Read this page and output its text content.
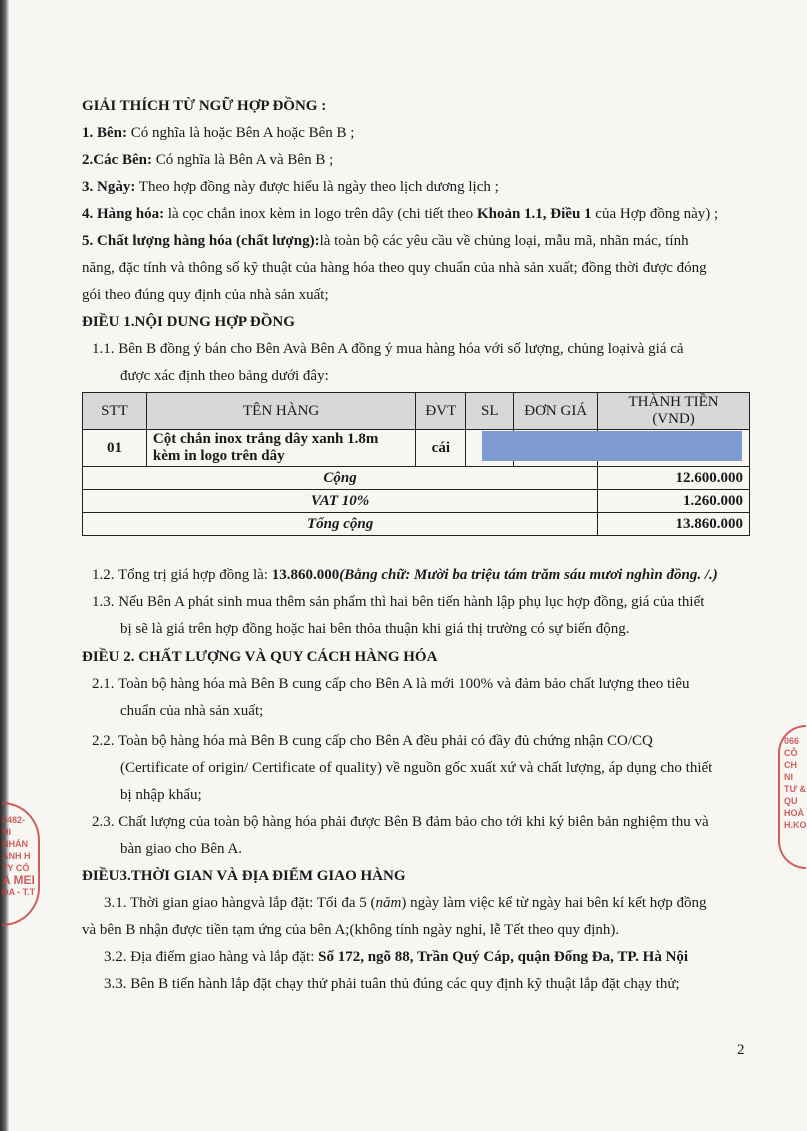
GIẢI THÍCH TỪ NGỮ HỢP ĐỒNG :
1. Bên: Có nghĩa là hoặc Bên A hoặc Bên B ;
2.Các Bên: Có nghĩa là Bên A và Bên B ;
3. Ngày: Theo hợp đồng này được hiểu là ngày theo lịch dương lịch ;
4. Hàng hóa: là cọc chắn inox kèm in logo trên dây (chi tiết theo Khoản 1.1, Điều 1 của Hợp đồng này) ;
5. Chất lượng hàng hóa (chất lượng):là toàn bộ các yêu cầu về chủng loại, mẫu mã, nhãn mác, tính
năng, đặc tính và thông số kỹ thuật của hàng hóa theo quy chuẩn của nhà sản xuất; đồng thời được đóng
gói theo đúng quy định của nhà sản xuất;
ĐIỀU 1.NỘI DUNG HỢP ĐỒNG
1.1. Bên B đồng ý bán cho Bên Avà Bên A đồng ý mua hàng hóa với số lượng, chủng loạivà giá cả
được xác định theo bảng dưới đây:
STT	TÊN HÀNG	ĐVT	SL	ĐƠN GIÁ	THÀNH TIỀN
(VND)

01	Cột chắn inox trắng dây xanh 1.8m
kèm in logo trên dây	cái			
Cộng					12.600.000
VAT 10%					1.260.000
Tổng cộng					13.860.000
1.2. Tổng trị giá hợp đồng là: 13.860.000(Bằng chữ: Mười ba triệu tám trăm sáu mươi nghìn đồng. /.)
1.3. Nếu Bên A phát sinh mua thêm sản phẩm thì hai bên tiến hành lập phụ lục hợp đồng, giá của thiết
bị sẽ là giá trên hợp đồng hoặc hai bên thỏa thuận khi giá thị trường có sự biến động.
ĐIỀU 2. CHẤT LƯỢNG VÀ QUY CÁCH HÀNG HÓA
2.1. Toàn bộ hàng hóa mà Bên B cung cấp cho Bên A là mới 100% và đảm bảo chất lượng theo tiêu
chuẩn của nhà sản xuất;
2.2. Toàn bộ hàng hóa mà Bên B cung cấp cho Bên A đều phải có đầy đủ chứng nhận CO/CQ
(Certificate of origin/ Certificate of quality) về nguồn gốc xuất xứ và chất lượng, áp dụng cho thiết
bị nhập khẩu;
2.3. Chất lượng của toàn bộ hàng hóa phải được Bên B đảm bảo cho tới khi ký biên bản nghiệm thu và
bàn giao cho Bên A.
ĐIỀU3.THỜI GIAN VÀ ĐỊA ĐIỂM GIAO HÀNG
3.1. Thời gian giao hàngvà lắp đặt: Tối đa 5 (năm) ngày làm việc kể từ ngày hai bên kí kết hợp đồng
và bên B nhận được tiền tạm ứng của bên A;(không tính ngày nghỉ, lễ Tết theo quy định).
3.2. Địa điểm giao hàng và lắp đặt: Số 172, ngõ 88, Trần Quý Cáp, quận Đống Đa, TP. Hà Nội
3.3. Bên B tiến hành lắp đặt chạy thử phải tuân thủ đúng các quy định kỹ thuật lắp đặt chạy thử;
3482-
HI NHÁN
ANH H
TY CỔ
A MEI
ĐA - T.T
066
CÔ
CH NI
TƯ &
QU
HOÀ
H.KO
2
